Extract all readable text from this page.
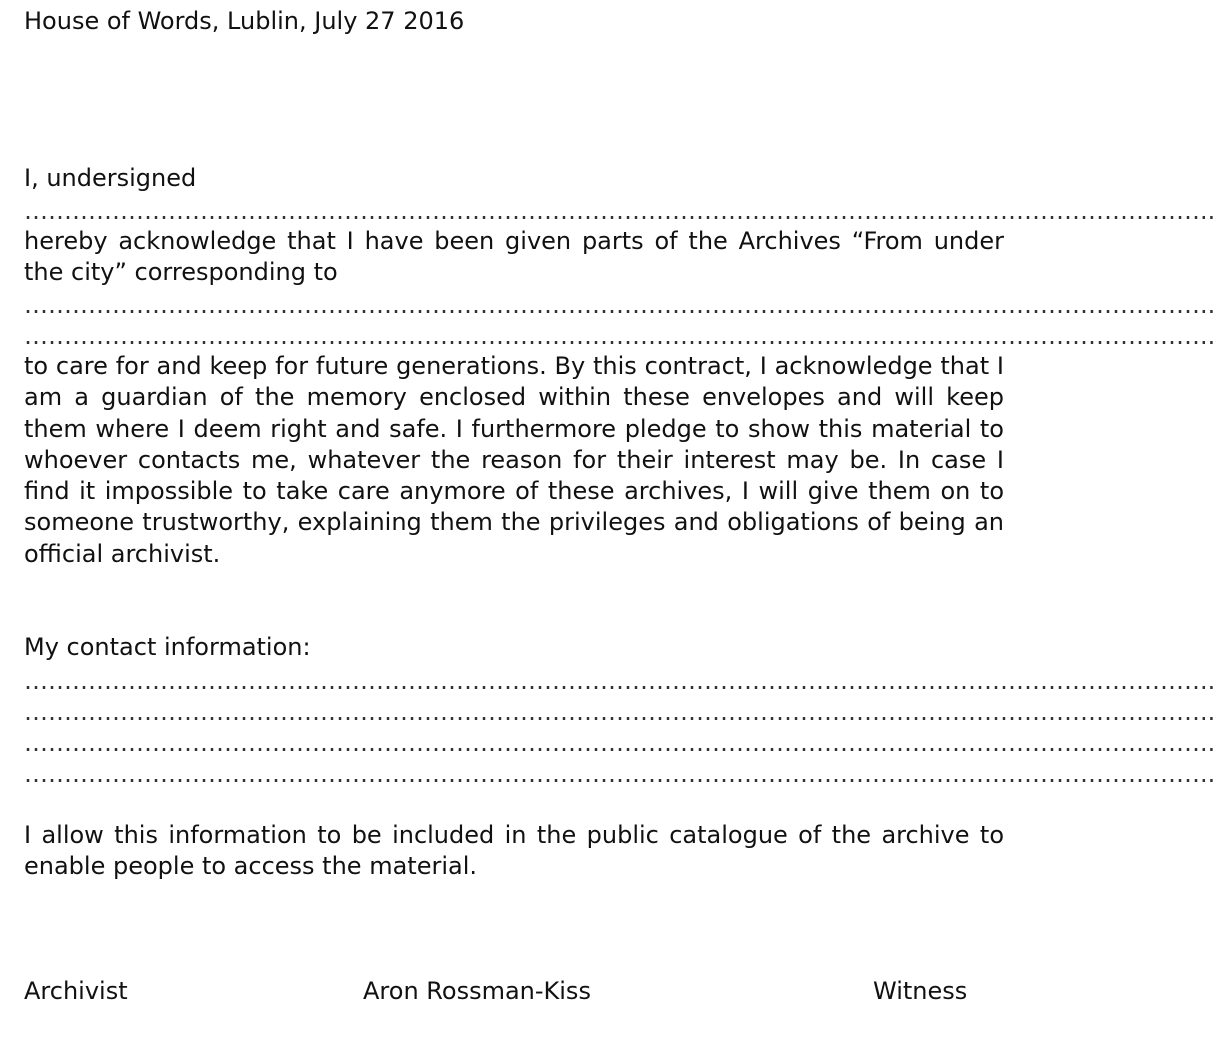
House of Words, Lublin, July 27 2016
I, undersigned
…………………………………………………………………………………………………………………………………..
hereby acknowledge that I have been given parts of the Archives “From under the city” corresponding to
…………………………………………………………………………………………………………………………………..
…………………………………………………………………………………………………………………………………..
to care for and keep for future generations. By this contract, I acknowledge that I am a guardian of the memory enclosed within these envelopes and will keep them where I deem right and safe. I furthermore pledge to show this material to whoever contacts me, whatever the reason for their interest may be. In case I find it impossible to take care anymore of these archives, I will give them on to someone trustworthy, explaining them the privileges and obligations of being an official archivist.
My contact information:
…………………………………………………………………………………………………………………………………..
…………………………………………………………………………………………………………………………………..
…………………………………………………………………………………………………………………………………..
…………………………………………………………………………………………………………………………………..
I allow this information to be included in the public catalogue of the archive to enable people to access the material.
Archivist	Aron Rossman-Kiss	Witness
